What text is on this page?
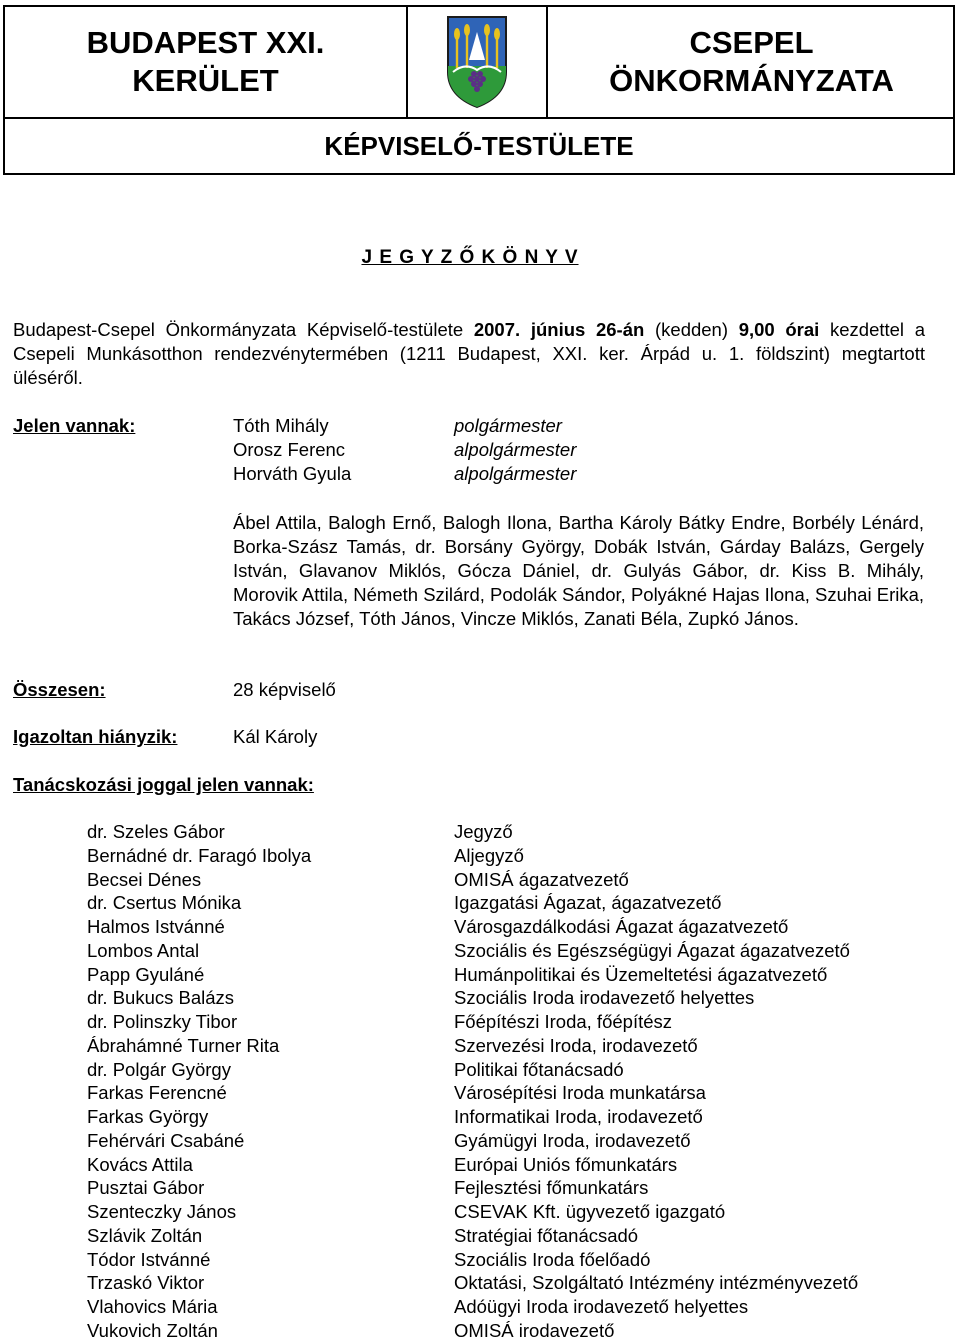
BUDAPEST XXI.
KERÜLET
CSEPEL
ÖNKORMÁNYZATA
KÉPVISELŐ-TESTÜLETE
J E G Y Z Ő K Ö N Y V
Budapest-Csepel Önkormányzata Képviselő-testülete 2007. június 26-án (kedden) 9,00 órai kezdettel a Csepeli Munkásotthon rendezvénytermében (1211 Budapest, XXI. ker. Árpád u. 1. földszint) megtartott üléséről.
Jelen vannak:	Tóth Mihály	polgármester
Orosz Ferenc	alpolgármester
Horváth Gyula	alpolgármester
Ábel Attila, Balogh Ernő, Balogh Ilona, Bartha Károly Bátky Endre, Borbély Lénárd, Borka-Szász Tamás, dr. Borsány György, Dobák István, Gárday Balázs, Gergely István, Glavanov Miklós, Gócza Dániel, dr. Gulyás Gábor, dr. Kiss B. Mihály, Morovik Attila, Németh Szilárd, Podolák Sándor, Polyákné Hajas Ilona, Szuhai Erika, Takács József, Tóth János, Vincze Miklós, Zanati Béla, Zupkó János.
Összesen:	28 képviselő
Igazoltan hiányzik:	Kál Károly
Tanácskozási joggal jelen vannak:
dr. Szeles Gábor	Jegyző
Bernádné dr. Faragó Ibolya	Aljegyző
Becsei Dénes	OMISÁ ágazatvezető
dr. Csertus Mónika	Igazgatási Ágazat, ágazatvezető
Halmos Istvánné	Városgazdálkodási Ágazat ágazatvezető
Lombos Antal	Szociális és Egészségügyi Ágazat ágazatvezető
Papp Gyuláné	Humánpolitikai és Üzemeltetési ágazatvezető
dr. Bukucs Balázs	Szociális Iroda irodavezető helyettes
dr. Polinszky Tibor	Főépítészi Iroda, főépítész
Ábrahámné Turner Rita	Szervezési Iroda, irodavezető
dr. Polgár György	Politikai főtanácsadó
Farkas Ferencné	Városépítési Iroda munkatársa
Farkas György	Informatikai Iroda, irodavezető
Fehérvári Csabáné	Gyámügyi Iroda, irodavezető
Kovács Attila	Európai Uniós főmunkatárs
Pusztai Gábor	Fejlesztési főmunkatárs
Szenteczky János	CSEVAK Kft. ügyvezető igazgató
Szlávik Zoltán	Stratégiai főtanácsadó
Tódor Istvánné	Szociális Iroda főelőadó
Trzaskó Viktor	Oktatási, Szolgáltató Intézmény intézményvezető
Vlahovics Mária	Adóügyi Iroda irodavezető helyettes
Vukovich Zoltán	OMISÁ irodavezető
